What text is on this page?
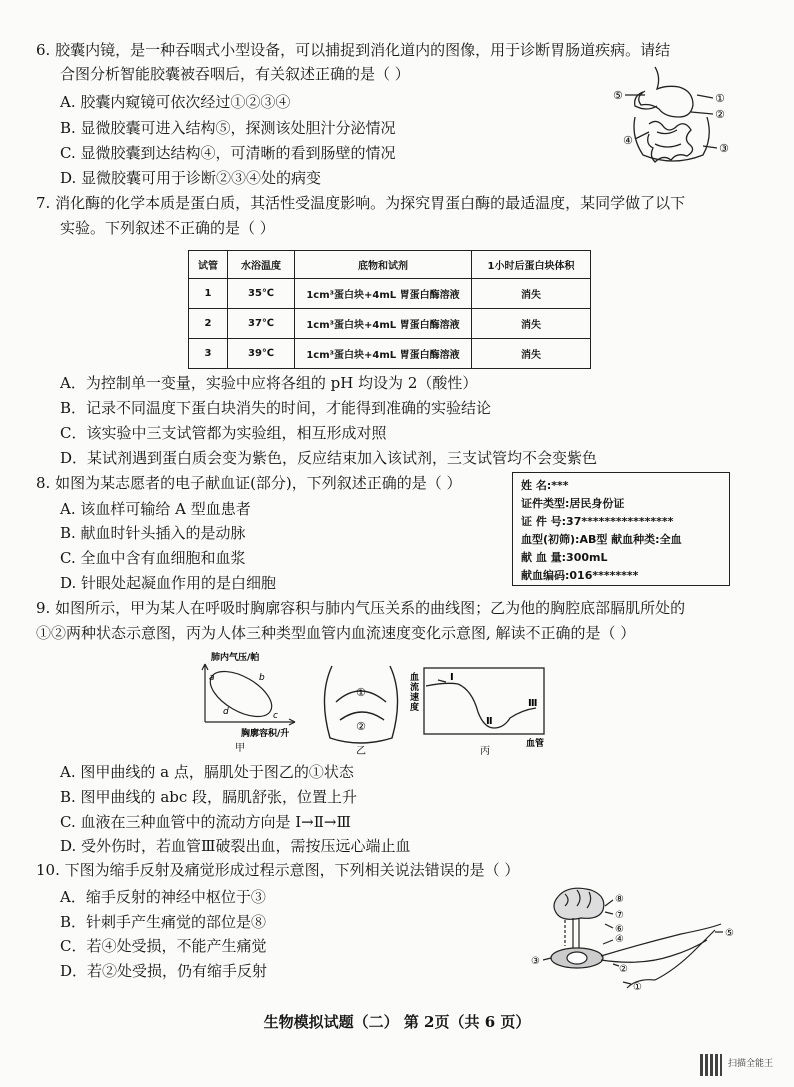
6. 胶囊内镜，是一种吞咽式小型设备，可以捕捉到消化道内的图像，用于诊断胃肠道疾病。请结
合图分析智能胶囊被吞咽后，有关叙述正确的是（ ）
A. 胶囊内窥镜可依次经过①②③④
B. 显微胶囊可进入结构⑤，探测该处胆汁分泌情况
C. 显微胶囊到达结构④，可清晰的看到肠壁的情况
D. 显微胶囊可用于诊断②③④处的病变
⑤	①
②
④
③
7. 消化酶的化学本质是蛋白质，其活性受温度影响。为探究胃蛋白酶的最适温度，某同学做了以下
实验。下列叙述不正确的是（ ）
试管	水浴温度	底物和试剂	1小时后蛋白块体积
1	35℃	1cm³蛋白块+4mL 胃蛋白酶溶液	消失
2	37℃	1cm³蛋白块+4mL 胃蛋白酶溶液	消失
3	39℃	1cm³蛋白块+4mL 胃蛋白酶溶液	消失
A．为控制单一变量，实验中应将各组的 pH 均设为 2（酸性）
B．记录不同温度下蛋白块消失的时间，才能得到准确的实验结论
C．该实验中三支试管都为实验组，相互形成对照
D．某试剂遇到蛋白质会变为紫色，反应结束加入该试剂，三支试管均不会变紫色
8. 如图为某志愿者的电子献血证(部分)，下列叙述正确的是（ ）
A. 该血样可输给 A 型血患者
B. 献血时针头插入的是动脉
C. 全血中含有血细胞和血浆
D. 针眼处起凝血作用的是白细胞
姓 名:***
证件类型:居民身份证
证 件 号:37****************
血型(初筛):AB型 献血种类:全血
献 血 量:300mL
献血编码:016********
9. 如图所示，甲为某人在呼吸时胸廓容积与肺内气压关系的曲线图；乙为他的胸腔底部膈肌所处的
①②两种状态示意图，丙为人体三种类型血管内血流速度变化示意图, 解读不正确的是（ ）
肺内气压/帕
a	b
c
d
胸廓容积/升
甲
①
②
乙
血
流
速
度
Ⅰ
Ⅱ
Ⅲ
血管
丙
A. 图甲曲线的 a 点，膈肌处于图乙的①状态
B. 图甲曲线的 abc 段，膈肌舒张，位置上升
C. 血液在三种血管中的流动方向是 Ⅰ→Ⅱ→Ⅲ
D. 受外伤时，若血管Ⅲ破裂出血，需按压远心端止血
10. 下图为缩手反射及痛觉形成过程示意图，下列相关说法错误的是（ ）
A．缩手反射的神经中枢位于③
B．针刺手产生痛觉的部位是⑧
C．若④处受损，不能产生痛觉
D．若②处受损，仍有缩手反射
⑧
⑦
⑥
④
⑤
③
②
①
生物模拟试题（二） 第 2页（共 6 页）
扫描全能王
